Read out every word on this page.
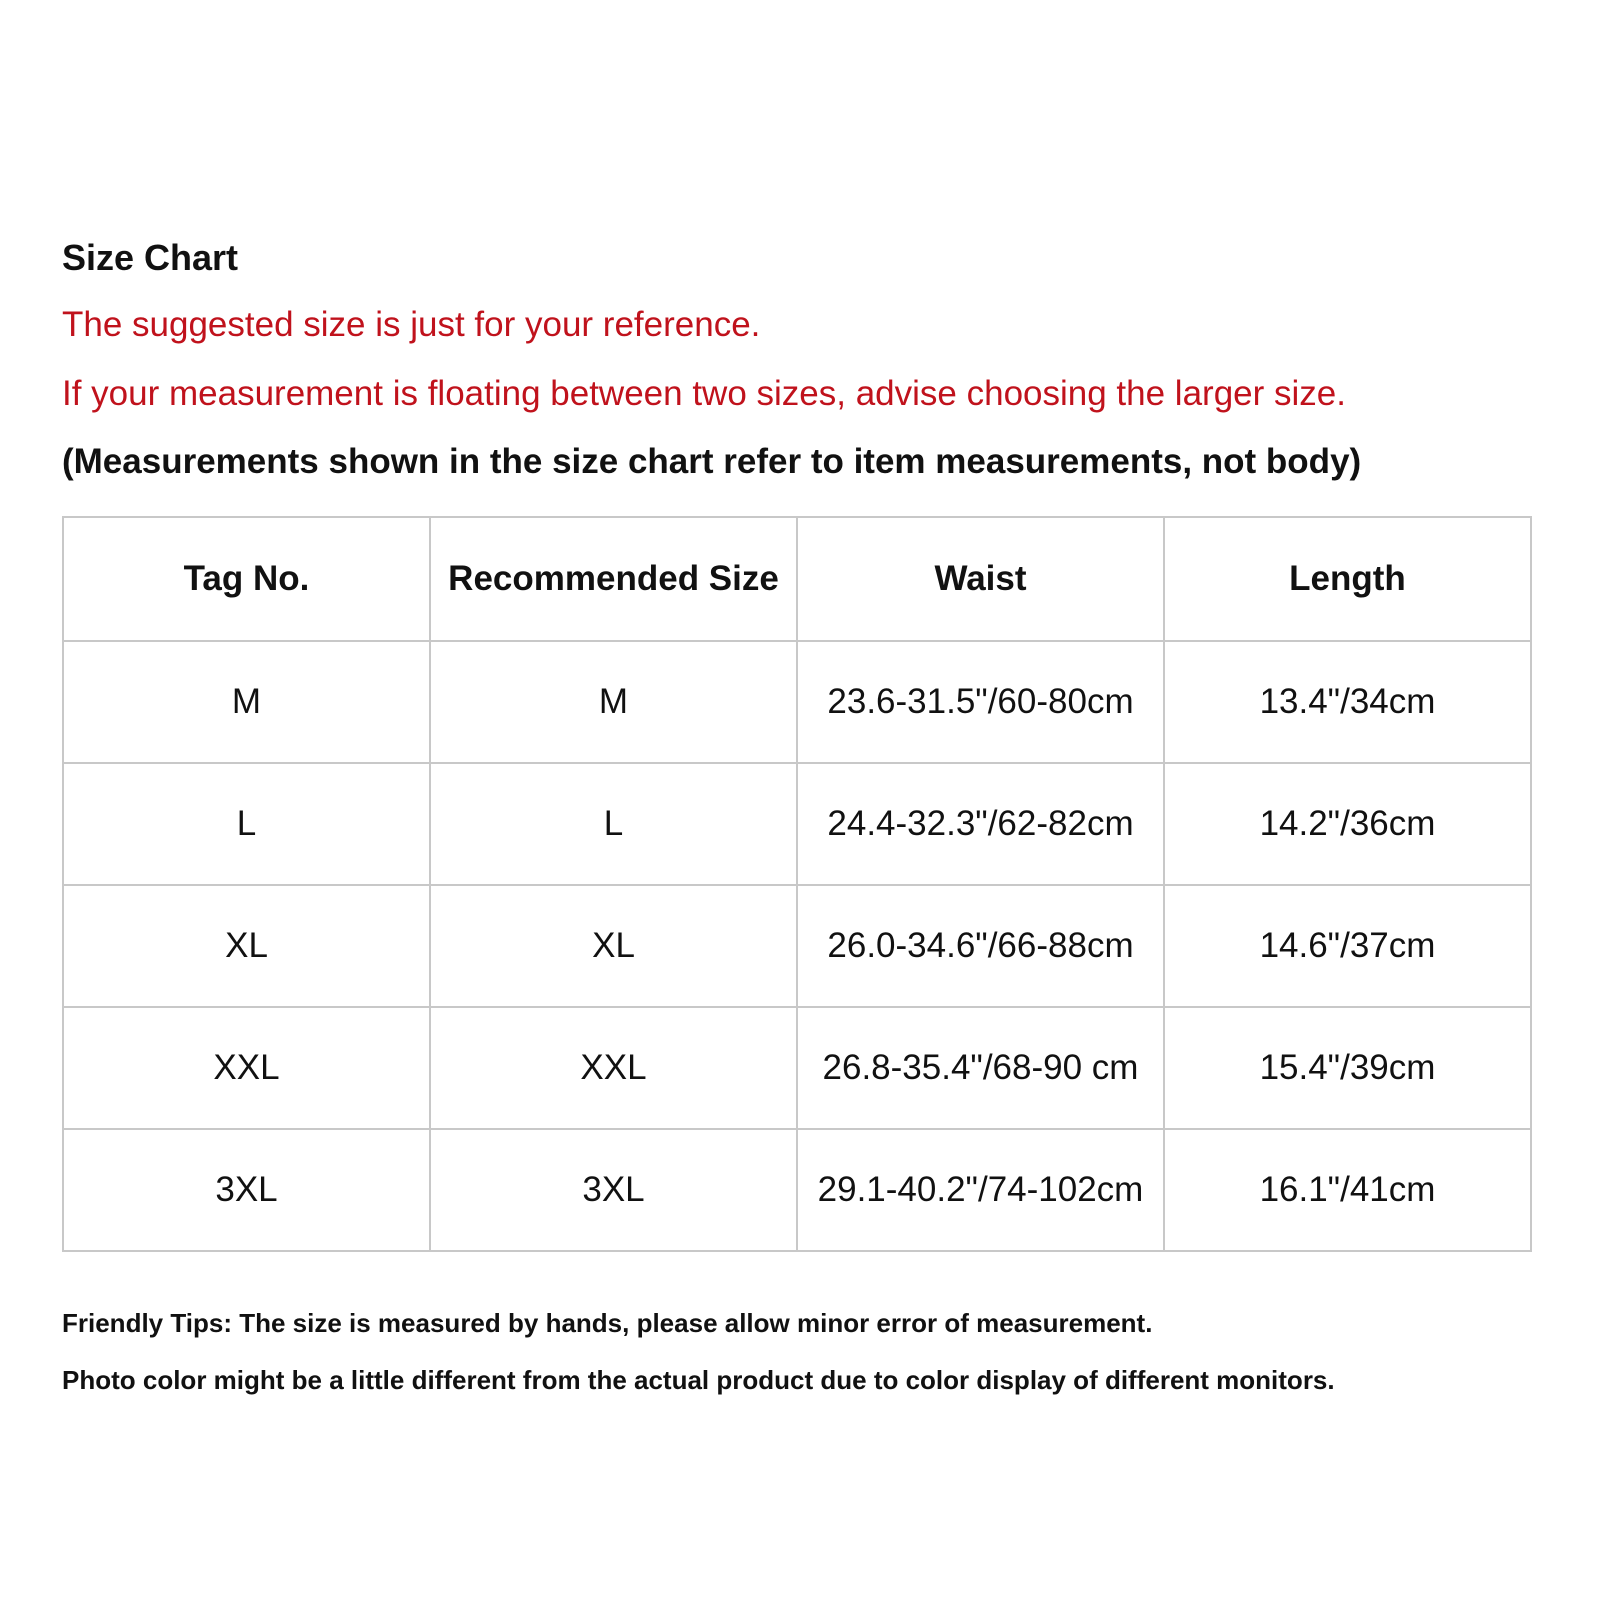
Size Chart
The suggested size is just for your reference.
If your measurement is floating between two sizes, advise choosing the larger size.
(Measurements shown in the size chart refer to item measurements, not body)
Tag No.	Recommended Size	Waist	Length
M	M	23.6-31.5"/60-80cm	13.4"/34cm
L	L	24.4-32.3"/62-82cm	14.2"/36cm
XL	XL	26.0-34.6"/66-88cm	14.6"/37cm
XXL	XXL	26.8-35.4"/68-90 cm	15.4"/39cm
3XL	3XL	29.1-40.2"/74-102cm	16.1"/41cm
Friendly Tips: The size is measured by hands, please allow minor error of measurement.
Photo color might be a little different from the actual product due to color display of different monitors.
